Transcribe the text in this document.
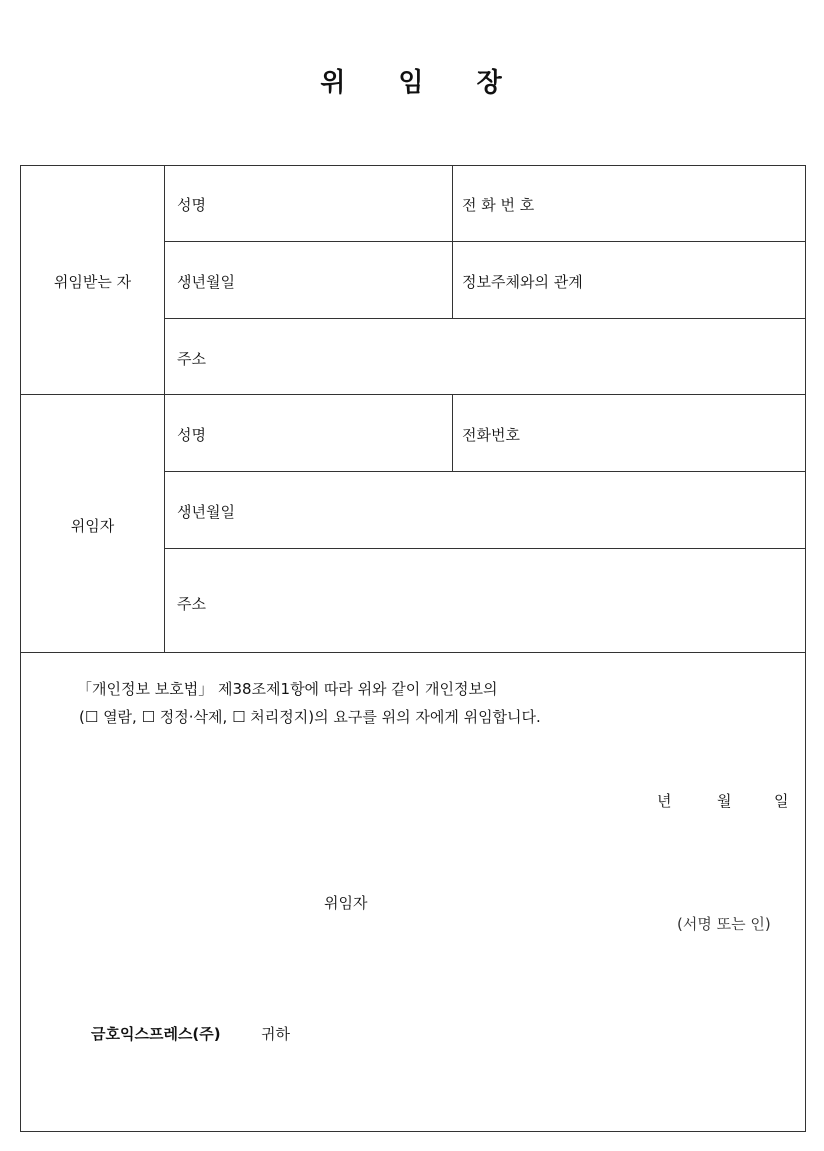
위 임 장
위임받는 자
성명	전 화 번 호
생년월일	정보주체와의 관계
주소
위임자
성명	전화번호
생년월일
주소
「개인정보 보호법」 제38조제1항에 따라 위와 같이 개인정보의
(☐ 열람, ☐ 정정·삭제, ☐ 처리정지)의 요구를 위의 자에게 위임합니다.
년	월	일
위임자
(서명 또는 인)
금호익스프레스(주)	귀하
